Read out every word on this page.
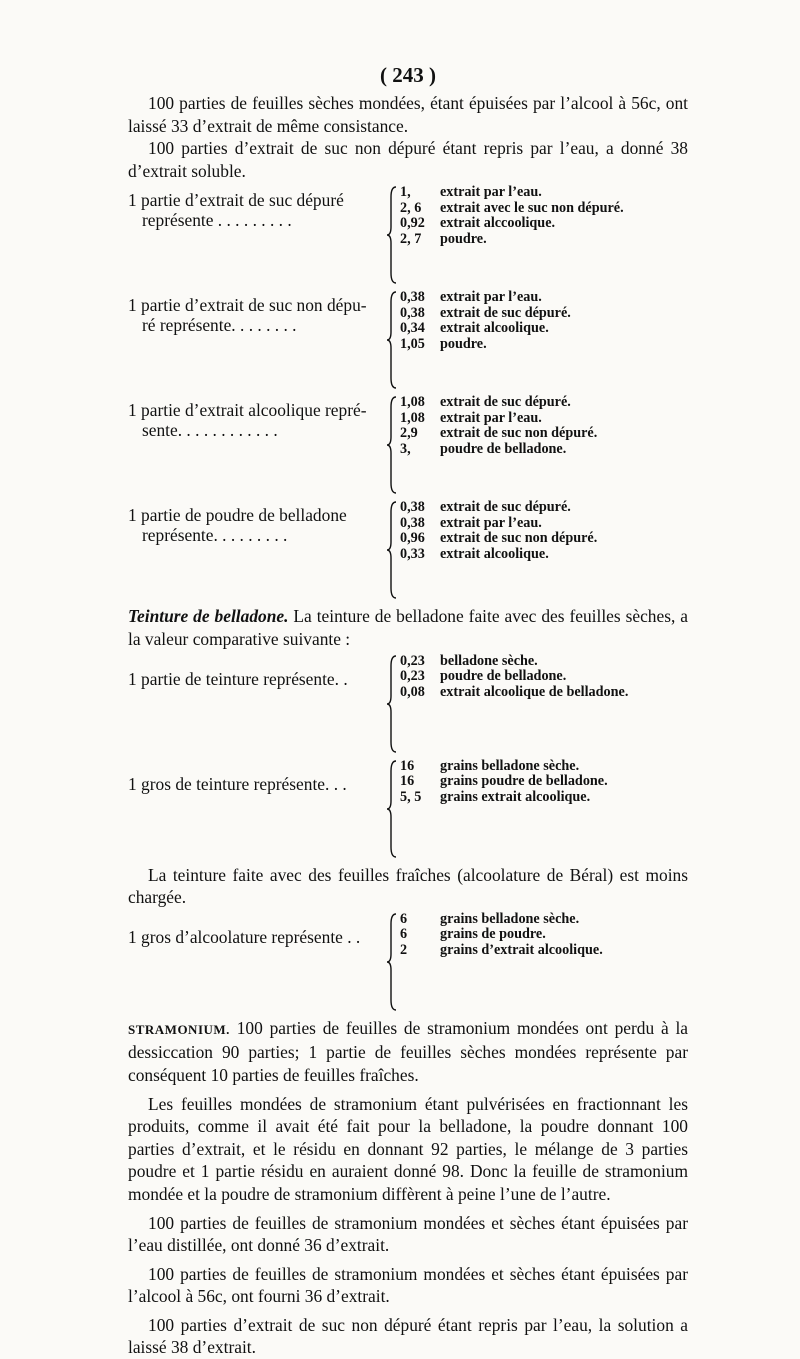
( 243 )

100 parties de feuilles sèches mondées, étant épuisées par l’alcool à 56c, ont laissé 33 d’extrait de même consistance.

100 parties d’extrait de suc non dépuré étant repris par l’eau, a donné 38 d’extrait soluble.

1 partie d’extrait de suc dépuré
représente . . . . . . . . .
1,	extrait par l’eau.
2, 6	extrait avec le suc non dépuré.
0,92	extrait alccoolique.
2, 7	poudre.
1 partie d’extrait de suc non dépu-
ré représente. . . . . . . .
0,38	extrait par l’eau.
0,38	extrait de suc dépuré.
0,34	extrait alcoolique.
1,05	poudre.
1 partie d’extrait alcoolique repré-
sente. . . . . . . . . . . .
1,08	extrait de suc dépuré.
1,08	extrait par l’eau.
2,9	extrait de suc non dépuré.
3,	poudre de belladone.
1 partie de poudre de belladone
représente. . . . . . . . .
0,38	extrait de suc dépuré.
0,38	extrait par l’eau.
0,96	extrait de suc non dépuré.
0,33	extrait alcoolique.

Teinture de belladone. La teinture de belladone faite avec des feuilles sèches, a la valeur comparative suivante :

1 partie de teinture représente. .
0,23	belladone sèche.
0,23	poudre de belladone.
0,08	extrait alcoolique de belladone.
1 gros de teinture représente. . .
16	grains belladone sèche.
16	grains poudre de belladone.
5, 5	grains extrait alcoolique.

La teinture faite avec des feuilles fraîches (alcoolature de Béral) est moins chargée.

1 gros d’alcoolature représente . .
6	grains belladone sèche.
6	grains de poudre.
2	grains d’extrait alcoolique.

STRAMONIUM. 100 parties de feuilles de stramonium mondées ont perdu à la dessiccation 90 parties; 1 partie de feuilles sèches mondées représente par conséquent 10 parties de feuilles fraîches.

Les feuilles mondées de stramonium étant pulvérisées en fractionnant les produits, comme il avait été fait pour la belladone, la poudre donnant 100 parties d’extrait, et le résidu en donnant 92 parties, le mélange de 3 parties poudre et 1 partie résidu en auraient donné 98. Donc la feuille de stramonium mondée et la poudre de stramonium diffèrent à peine l’une de l’autre.

100 parties de feuilles de stramonium mondées et sèches étant épuisées par l’eau distillée, ont donné 36 d’extrait.

100 parties de feuilles de stramonium mondées et sèches étant épuisées par l’alcool à 56c, ont fourni 36 d’extrait.

100 parties d’extrait de suc non dépuré étant repris par l’eau, la solution a laissé 38 d’extrait.
